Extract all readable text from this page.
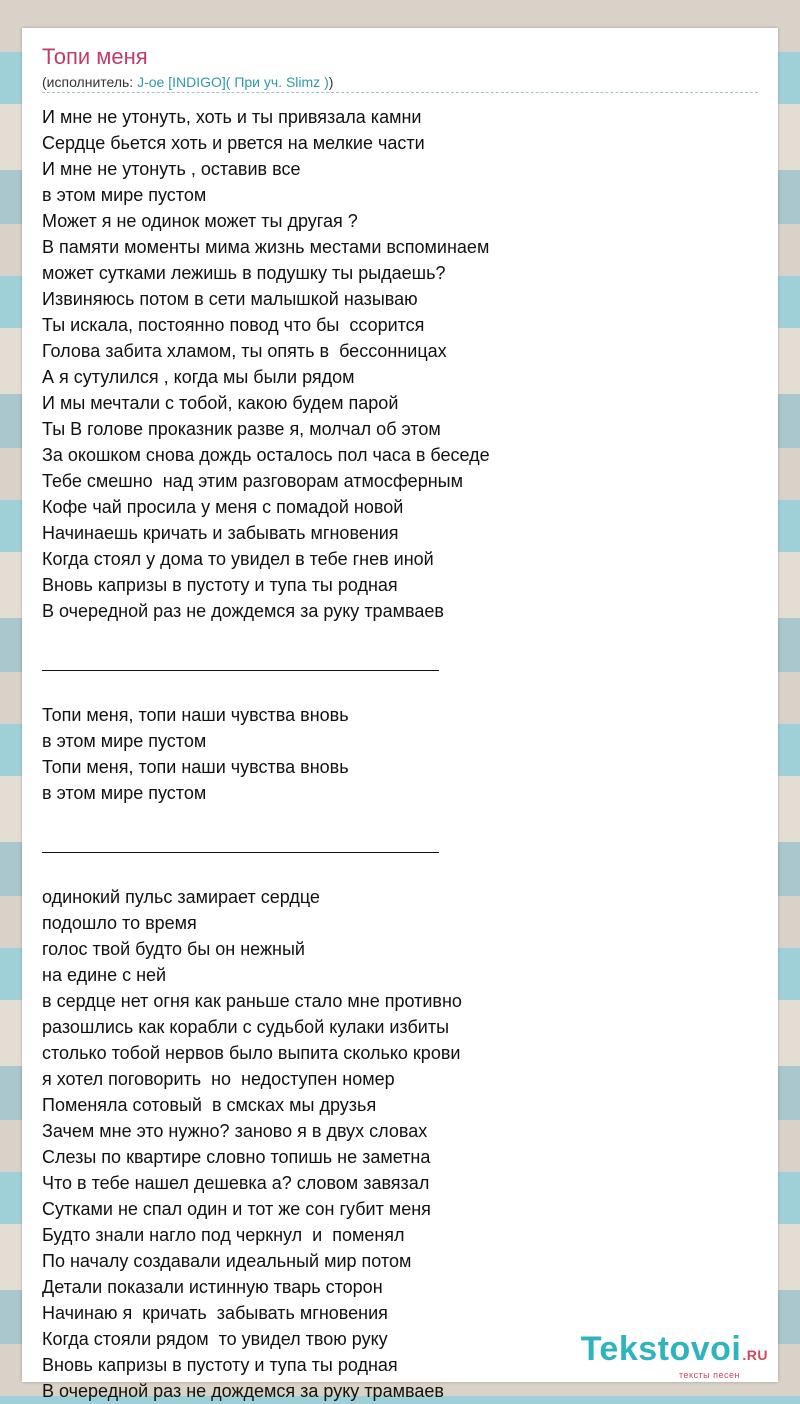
Топи меня
(исполнитель: J-oe [INDIGO]( При уч. Slimz ))
И мне не утонуть, хоть и ты привязала камни
Сердце бьется хоть и рвется на мелкие части
И мне не утонуть , оставив все
в этом мире пустом
Может я не одинок может ты другая ?
В памяти моменты мима жизнь местами вспоминаем
может сутками лежишь в подушку ты рыдаешь?
Извиняюсь потом в сети малышкой называю
Ты искала, постоянно повод что бы  ссорится
Голова забита хламом, ты опять в  бессонницах
А я сутулился , когда мы были рядом
И мы мечтали с тобой, какою будем парой
Ты В голове проказник разве я, молчал об этом
За окошком снова дождь осталось пол часа в беседе
Тебе смешно  над этим разговорам атмосферным
Кофе чай просила у меня с помадой новой
Начинаешь кричать и забывать мгновения
Когда стоял у дома то увидел в тебе гнев иной
Вновь капризы в пустоту и тупа ты родная
В очередной раз не дождемся за руку трамваев
Топи меня, топи наши чувства вновь
в этом мире пустом
Топи меня, топи наши чувства вновь
в этом мире пустом
одинокий пульс замирает сердце
подошло то время
голос твой будто бы он нежный
на едине с ней
в сердце нет огня как раньше стало мне противно
разошлись как корабли с судьбой кулаки избиты
столько тобой нервов было выпита сколько крови
я хотел поговорить  но  недоступен номер
Поменяла сотовый  в смсках мы друзья
Зачем мне это нужно? заново я в двух словах
Слезы по квартире словно топишь не заметна
Что в тебе нашел дешевка а? словом завязал
Сутками не спал один и тот же сон губит меня
Будто знали нагло под черкнул  и  поменял
По началу создавали идеальный мир потом
Детали показали истинную тварь сторон
Начинаю я  кричать  забывать мгновения
Когда стояли рядом  то увидел твою руку
Вновь капризы в пустоту и тупа ты родная
В очередной раз не дождемся за руку трамваев
Tekstovoi.RU
тексты песен
